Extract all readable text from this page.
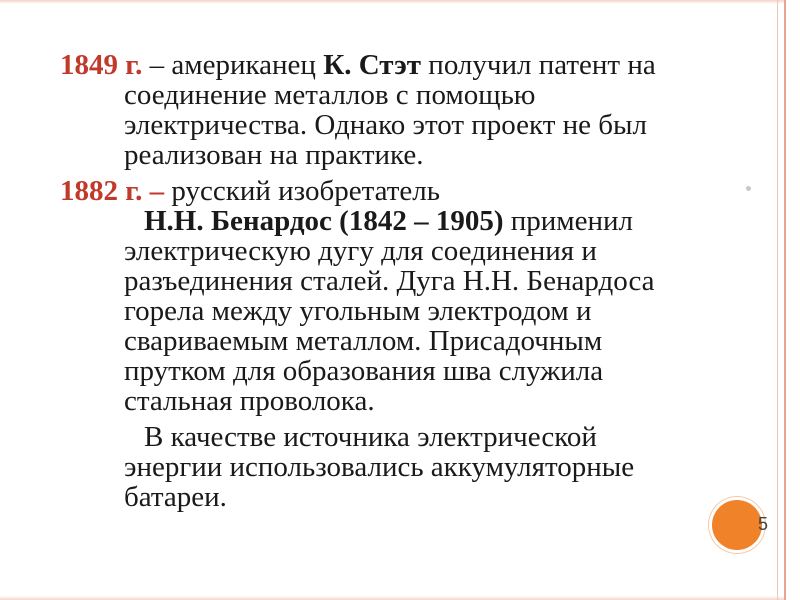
1849 г. – американец К. Стэт получил патент на
соединение металлов с помощью
электричества. Однако этот проект не был
реализован на практике.
1882 г. – русский изобретатель
Н.Н. Бенардос (1842 – 1905) применил
электрическую дугу для соединения и
разъединения сталей. Дуга Н.Н. Бенардоса
горела между угольным электродом и
свариваемым металлом. Присадочным
прутком для образования шва служила
стальная проволока.
В качестве источника электрической
энергии использовались аккумуляторные
батареи.
5
